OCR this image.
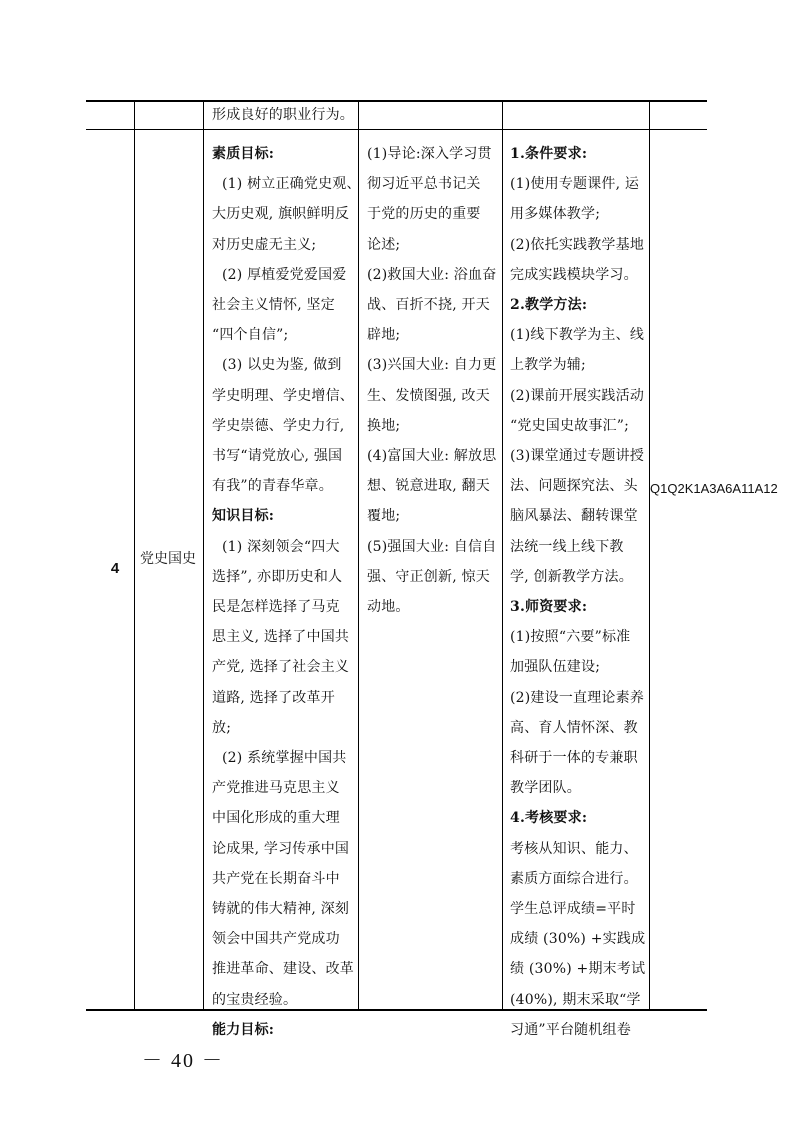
形成良好的职业行为。
4
党史国史
素质目标:
(1) 树立正确党史观、
大历史观, 旗帜鲜明反
对历史虚无主义;
(2) 厚植爱党爱国爱
社会主义情怀, 坚定
“四个自信”;
(3) 以史为鉴, 做到
学史明理、学史增信、
学史崇德、学史力行,
书写“请党放心, 强国
有我”的青春华章。
知识目标:
(1) 深刻领会“四大
选择”, 亦即历史和人
民是怎样选择了马克
思主义, 选择了中国共
产党, 选择了社会主义
道路, 选择了改革开
放;
(2) 系统掌握中国共
产党推进马克思主义
中国化形成的重大理
论成果, 学习传承中国
共产党在长期奋斗中
铸就的伟大精神, 深刻
领会中国共产党成功
推进革命、建设、改革
的宝贵经验。
能力目标:
(1)导论:深入学习贯
彻习近平总书记关
于党的历史的重要
论述;
(2)救国大业: 浴血奋
战、百折不挠, 开天
辟地;
(3)兴国大业: 自力更
生、发愤图强, 改天
换地;
(4)富国大业: 解放思
想、锐意进取, 翻天
覆地;
(5)强国大业: 自信自
强、守正创新, 惊天
动地。
1.条件要求:
(1)使用专题课件, 运
用多媒体教学;
(2)依托实践教学基地
完成实践模块学习。
2.教学方法:
(1)线下教学为主、线
上教学为辅;
(2)课前开展实践活动
“党史国史故事汇”;
(3)课堂通过专题讲授
法、问题探究法、头
脑风暴法、翻转课堂
法统一线上线下教
学, 创新教学方法。
3.师资要求:
(1)按照“六要”标准
加强队伍建设;
(2)建设一直理论素养
高、育人情怀深、教
科研于一体的专兼职
教学团队。
4.考核要求:
考核从知识、能力、
素质方面综合进行。
学生总评成绩=平时
成绩 (30%) +实践成
绩 (30%) +期末考试
(40%), 期末采取“学
习通”平台随机组卷
Q1Q2K1A3A6A11A12
－ 40 －
